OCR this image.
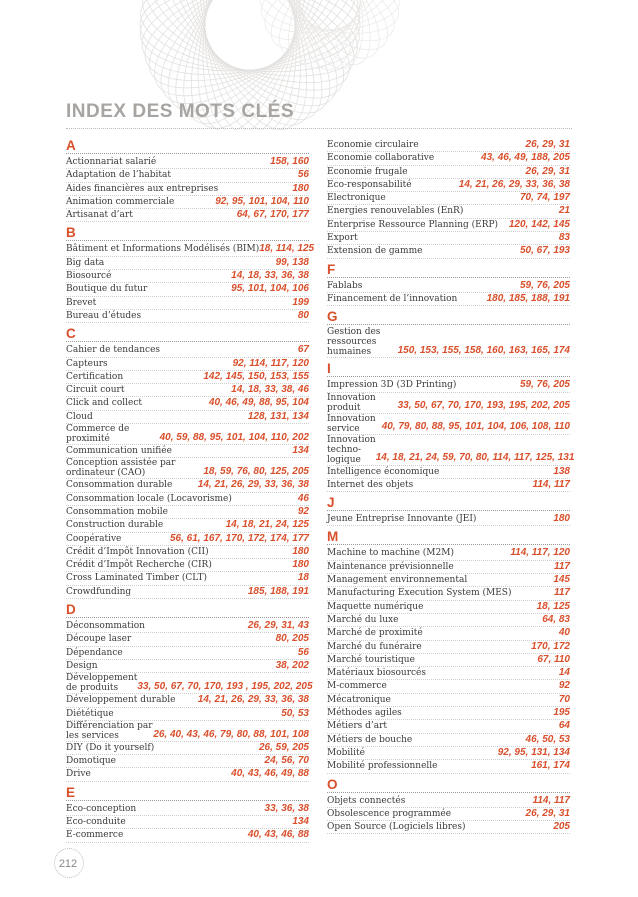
INDEX DES MOTS CLÉS
A
Actionnariat salarié	158, 160
Adaptation de l’habitat	56
Aides financières aux entreprises	180
Animation commerciale	92, 95, 101, 104, 110
Artisanat d’art	64, 67, 170, 177
B
Bâtiment et Informations Modélisés (BIM) 18, 114, 125
Big data	99, 138
Biosourcé	14, 18, 33, 36, 38
Boutique du futur	95, 101, 104, 106
Brevet	199
Bureau d’études	80
C
Cahier de tendances	67
Capteurs	92, 114, 117, 120
Certification	142, 145, 150, 153, 155
Circuit court	14, 18, 33, 38, 46
Click and collect	40, 46, 49, 88, 95, 104
Cloud	128, 131, 134
Commerce de proximité	40, 59, 88, 95, 101, 104, 110, 202
Communication unifiée	134
Conception assistée par ordinateur (CAO)	18, 59, 76, 80, 125, 205
Consommation durable	14, 21, 26, 29, 33, 36, 38
Consommation locale (Locavorisme)	46
Consommation mobile	92
Construction durable	14, 18, 21, 24, 125
Coopérative	56, 61, 167, 170, 172, 174, 177
Crédit d’Impôt Innovation (CII)	180
Crédit d’Impôt Recherche (CIR)	180
Cross Laminated Timber (CLT)	18
Crowdfunding	185, 188, 191
D
Déconsommation	26, 29, 31, 43
Découpe laser	80, 205
Dépendance	56
Design	38, 202
Développement de produits	33, 50, 67, 70, 170, 193 , 195, 202, 205
Développement durable 14, 21, 26, 29, 33, 36, 38
Diététique	50, 53
Différenciation par les services	26, 40, 43, 46, 79, 80, 88, 101, 108
DIY (Do it yourself)	26, 59, 205
Domotique	24, 56, 70
Drive	40, 43, 46, 49, 88
E
Eco-conception	33, 36, 38
Eco-conduite	134
E-commerce	40, 43, 46, 88
Economie circulaire	26, 29, 31
Economie collaborative	43, 46, 49, 188, 205
Economie frugale	26, 29, 31
Eco-responsabilité	14, 21, 26, 29, 33, 36, 38
Electronique	70, 74, 197
Energies renouvelables (EnR)	21
Enterprise Ressource Planning (ERP) 120, 142, 145
Export	83
Extension de gamme	50, 67, 193
F
Fablabs	59, 76, 205
Financement de l’innovation	180, 185, 188, 191
G
Gestion des ressources humaines	150, 153, 155, 158, 160, 163, 165, 174
I
Impression 3D (3D Printing)	59, 76, 205
Innovation produit	33, 50, 67, 70, 170, 193, 195, 202, 205
Innovation service	40, 79, 80, 88, 95, 101, 104, 106, 108, 110
Innovation techno-logique	14, 18, 21, 24, 59, 70, 80, 114, 117, 125, 131
Intelligence économique	138
Internet des objets	114, 117
J
Jeune Entreprise Innovante (JEI)	180
M
Machine to machine (M2M)	114, 117, 120
Maintenance prévisionnelle	117
Management environnemental	145
Manufacturing Execution System (MES)	117
Maquette numérique	18, 125
Marché du luxe	64, 83
Marché de proximité	40
Marché du funéraire	170, 172
Marché touristique	67, 110
Matériaux biosourcés	14
M-commerce	92
Mécatronique	70
Méthodes agiles	195
Métiers d’art	64
Métiers de bouche	46, 50, 53
Mobilité	92, 95, 131, 134
Mobilité professionnelle	161, 174
O
Objets connectés	114, 117
Obsolescence programmée	26, 29, 31
Open Source (Logiciels libres)	205
212
